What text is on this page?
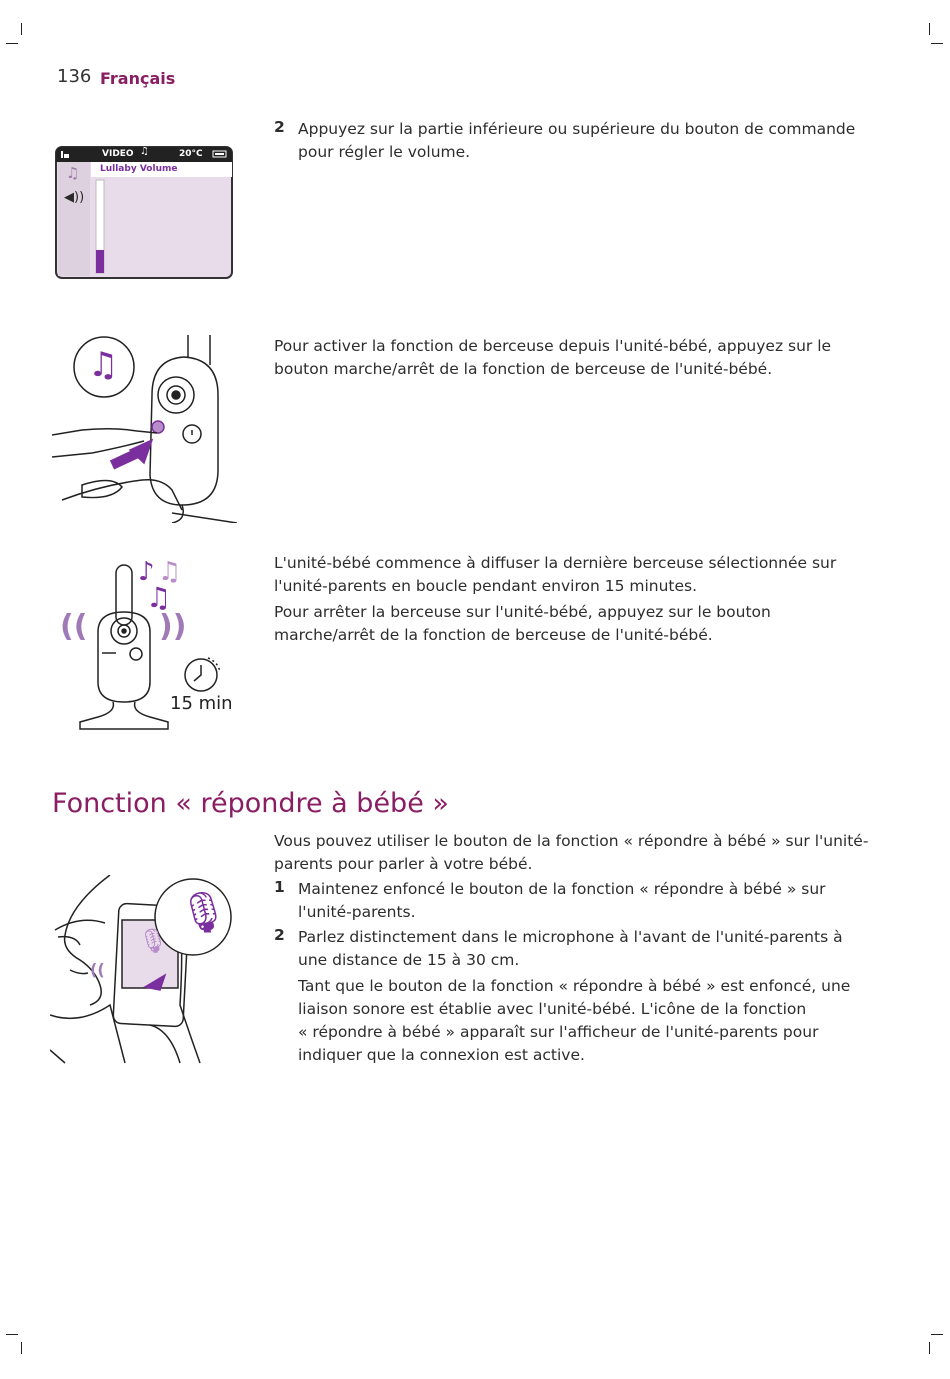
136 Français
VIDEO ♫	20°C
Lullaby Volume
♫
◀))
2 Appuyez sur la partie inférieure ou supérieure du bouton de commande
pour régler le volume.
♫	Pour activer la fonction de berceuse depuis l'unité-bébé, appuyez sur le
bouton marche/arrêt de la fonction de berceuse de l'unité-bébé.
(( ))
♪ ♫
♫
15 min
L'unité-bébé commence à diffuser la dernière berceuse sélectionnée sur
l'unité-parents en boucle pendant environ 15 minutes.
Pour arrêter la berceuse sur l'unité-bébé, appuyez sur le bouton
marche/arrêt de la fonction de berceuse de l'unité-bébé.
Fonction « répondre à bébé »
🎙
🎙
((
Vous pouvez utiliser le bouton de la fonction « répondre à bébé » sur l'unité-
parents pour parler à votre bébé.
1 Maintenez enfoncé le bouton de la fonction « répondre à bébé » sur
l'unité-parents.
2 Parlez distinctement dans le microphone à l'avant de l'unité-parents à
une distance de 15 à 30 cm.
Tant que le bouton de la fonction « répondre à bébé » est enfoncé, une
liaison sonore est établie avec l'unité-bébé. L'icône de la fonction
« répondre à bébé » apparaît sur l'afficheur de l'unité-parents pour
indiquer que la connexion est active.
